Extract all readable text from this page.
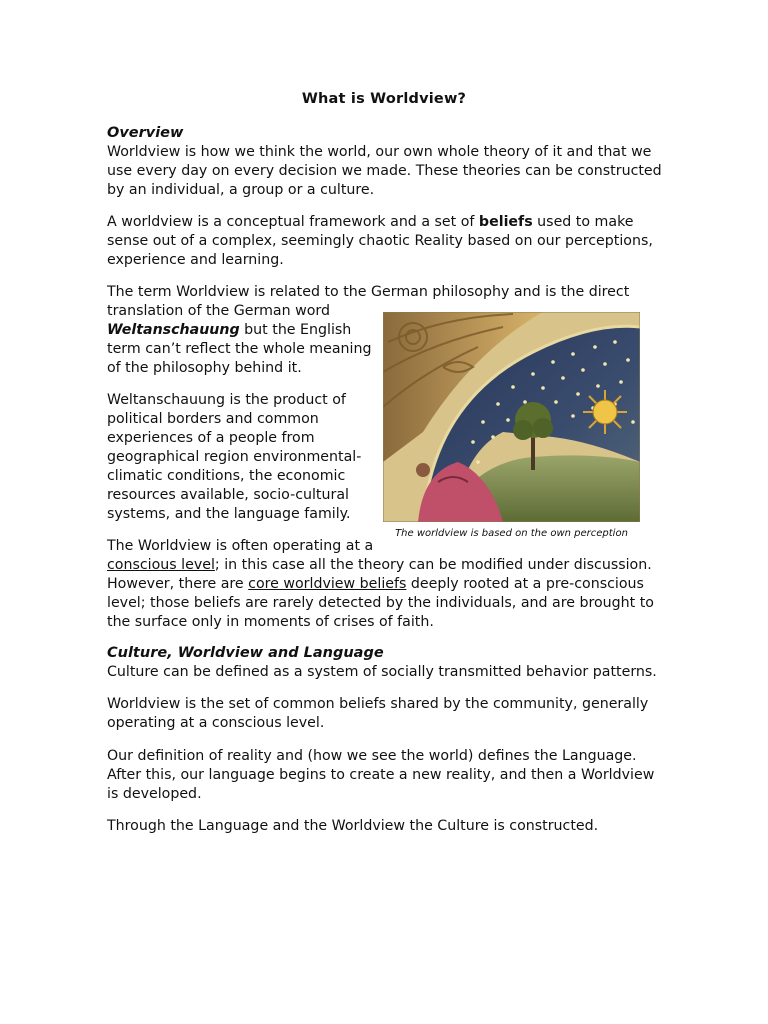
What is Worldview?
Overview
Worldview is how we think the world, our own whole theory of it and that we use every day on every decision we made. These theories can be constructed by an individual, a group or a culture.
A worldview is a conceptual framework and a set of beliefs used to make sense out of a complex, seemingly chaotic Reality based on our perceptions, experience and learning.
The term Worldview is related to the German philosophy and is the direct
translation of the German word
Weltanschauung but the English term can’t reflect the whole meaning of the philosophy behind it.
Weltanschauung is the product of political borders and common experiences of a people from geographical region environmental-climatic conditions, the economic resources available, socio-cultural systems, and the language family.
The Worldview is often operating at a
conscious level; in this case all the theory can be modified under discussion. However, there are core worldview beliefs deeply rooted at a pre-conscious level; those beliefs are rarely detected by the individuals, and are brought to the surface only in moments of crises of faith.
Culture, Worldview and Language
Culture can be defined as a system of socially transmitted behavior patterns.
Worldview is the set of common beliefs shared by the community, generally operating at a conscious level.
Our definition of reality and (how we see the world) defines the Language. After this, our language begins to create a new reality, and then a Worldview is developed.
Through the Language and the Worldview the Culture is constructed.
The worldview is based on the own perception
